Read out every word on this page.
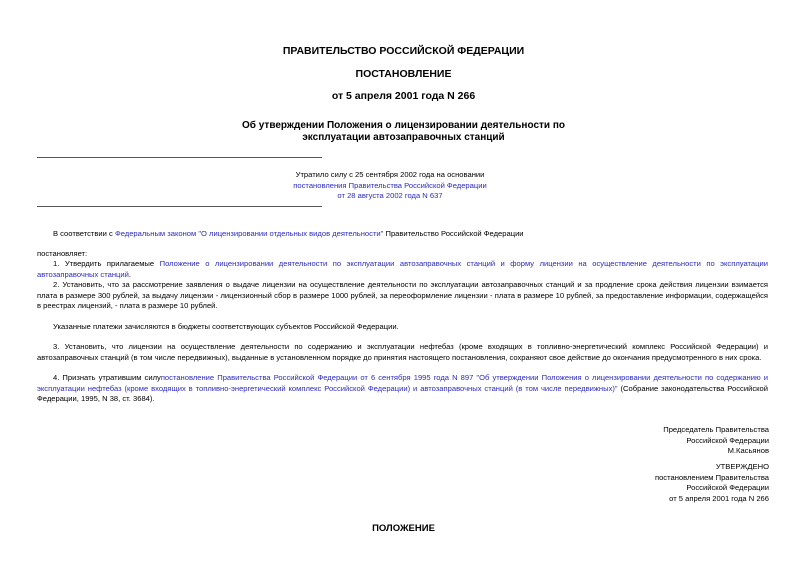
ПРАВИТЕЛЬСТВО РОССИЙСКОЙ ФЕДЕРАЦИИ
ПОСТАНОВЛЕНИЕ
от 5 апреля 2001 года N 266
Об утверждении Положения о лицензировании деятельности по
эксплуатации автозаправочных станций
Утратило силу с 25 сентября 2002 года на основании
постановления Правительства Российской Федерации
от 28 августа 2002 года N 637
В соответствии с Федеральным законом "О лицензировании отдельных видов деятельности" Правительство Российской Федерации
постановляет:
1. Утвердить прилагаемые Положение о лицензировании деятельности по эксплуатации автозаправочных станций и форму лицензии на осуществление деятельности по эксплуатации автозаправочных станций.
2. Установить, что за рассмотрение заявления о выдаче лицензии на осуществление деятельности по эксплуатации автозаправочных станций и за продление срока действия лицензии взимается плата в размере 300 рублей, за выдачу лицензии - лицензионный сбор в размере 1000 рублей, за переоформление лицензии - плата в размере 10 рублей, за предоставление информации, содержащейся в реестрах лицензий, - плата в размере 10 рублей.
Указанные платежи зачисляются в бюджеты соответствующих субъектов Российской Федерации.
3. Установить, что лицензии на осуществление деятельности по содержанию и эксплуатации нефтебаз (кроме входящих в топливно-энергетический комплекс Российской Федерации) и автозаправочных станций (в том числе передвижных), выданные в установленном порядке до принятия настоящего постановления, сохраняют свое действие до окончания предусмотренного в них срока.
4. Признать утратившим силупостановление Правительства Российской Федерации от 6 сентября 1995 года N 897 "Об утверждении Положения о лицензировании деятельности по содержанию и эксплуатации нефтебаз (кроме входящих в топливно-энергетический комплекс Российской Федерации) и автозаправочных станций (в том числе передвижных)" (Собрание законодательства Российской Федерации, 1995, N 38, ст. 3684).
Председатель Правительства
Российской Федерации
М.Касьянов
УТВЕРЖДЕНО
постановлением Правительства
Российской Федерации
от 5 апреля 2001 года N 266
ПОЛОЖЕНИЕ
